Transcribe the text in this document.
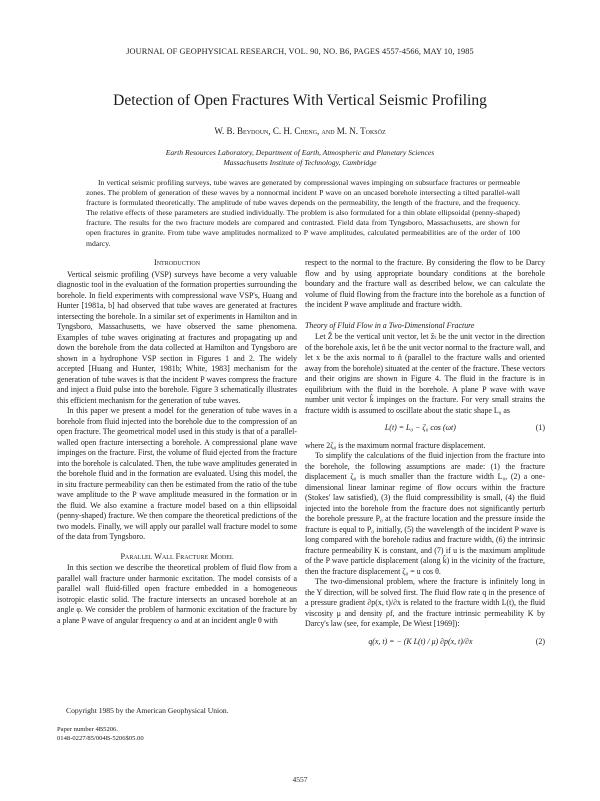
JOURNAL OF GEOPHYSICAL RESEARCH, VOL. 90, NO. B6, PAGES 4557-4566, MAY 10, 1985
Detection of Open Fractures With Vertical Seismic Profiling
W. B. Beydoun, C. H. Cheng, and M. N. Toksöz
Earth Resources Laboratory, Department of Earth, Atmospheric and Planetary Sciences
Massachusetts Institute of Technology, Cambridge
In vertical seismic profiling surveys, tube waves are generated by compressional waves impinging on subsurface fractures or permeable zones. The problem of generation of these waves by a nonnormal incident P wave on an uncased borehole intersecting a tilted parallel-wall fracture is formulated theoretically. The amplitude of tube waves depends on the permeability, the length of the fracture, and the frequency. The relative effects of these parameters are studied individually. The problem is also formulated for a thin oblate ellipsoidal (penny-shaped) fracture. The results for the two fracture models are compared and contrasted. Field data from Tyngsboro, Massachusetts, are shown for open fractures in granite. From tube wave amplitudes normalized to P wave amplitudes, calculated permeabilities are of the order of 100 mdarcy.
Introduction

Vertical seismic profiling (VSP) surveys have become a very valuable diagnostic tool in the evaluation of the formation properties surrounding the borehole. In field experiments with compressional wave VSP's, Huang and Hunter [1981a, b] had observed that tube waves are generated at fractures intersecting the borehole. In a similar set of experiments in Hamilton and in Tyngsboro, Massachusetts, we have observed the same phenomena. Examples of tube waves originating at fractures and propagating up and down the borehole from the data collected at Hamilton and Tyngsboro are shown in a hydrophone VSP section in Figures 1 and 2. The widely accepted [Huang and Hunter, 1981b; White, 1983] mechanism for the generation of tube waves is that the incident P waves compress the fracture and inject a fluid pulse into the borehole. Figure 3 schematically illustrates this efficient mechanism for the generation of tube waves.

In this paper we present a model for the generation of tube waves in a borehole from fluid injected into the borehole due to the compression of an open fracture. The geometrical model used in this study is that of a parallel-walled open fracture intersecting a borehole. A compressional plane wave impinges on the fracture. First, the volume of fluid ejected from the fracture into the borehole is calculated. Then, the tube wave amplitudes generated in the borehole fluid and in the formation are evaluated. Using this model, the in situ fracture permeability can then be estimated from the ratio of the tube wave amplitude to the P wave amplitude measured in the formation or in the fluid. We also examine a fracture model based on a thin ellipsoidal (penny-shaped) fracture. We then compare the theoretical predictions of the two models. Finally, we will apply our parallel wall fracture model to some of the data from Tyngsboro.

Parallel Wall Fracture Model

In this section we describe the theoretical problem of fluid flow from a parallel wall fracture under harmonic excitation. The model consists of a parallel wall fluid-filled open fracture embedded in a homogeneous isotropic elastic solid. The fracture intersects an uncased borehole at an angle φ. We consider the problem of harmonic excitation of the fracture by a plane P wave of angular frequency ω and at an incident angle θ with

respect to the normal to the fracture. By considering the flow to be Darcy flow and by using appropriate boundary conditions at the borehole boundary and the fracture wall as described below, we can calculate the volume of fluid flowing from the fracture into the borehole as a function of the incident P wave amplitude and fracture width.

Theory of Fluid Flow in a Two-Dimensional Fracture

Let Ẑ be the vertical unit vector, let ẑₜ be the unit vector in the direction of the borehole axis, let n̂ be the unit vector normal to the fracture wall, and let x be the axis normal to n̂ (parallel to the fracture walls and oriented away from the borehole) situated at the center of the fracture. These vectors and their origins are shown in Figure 4. The fluid in the fracture is in equilibrium with the fluid in the borehole. A plane P wave with wave number unit vector k̂ impinges on the fracture. For very small strains the fracture width is assumed to oscillate about the static shape L₀ as

L(t) = L₀ − ζ₀ cos (ωt)	(1)

where 2ζ₀ is the maximum normal fracture displacement.

To simplify the calculations of the fluid injection from the fracture into the borehole, the following assumptions are made: (1) the fracture displacement ζ₀ is much smaller than the fracture width L₀, (2) a one-dimensional linear laminar regime of flow occurs within the fracture (Stokes' law satisfied), (3) the fluid compressibility is small, (4) the fluid injected into the borehole from the fracture does not significantly perturb the borehole pressure P₀ at the fracture location and the pressure inside the fracture is equal to P₀ initially, (5) the wavelength of the incident P wave is long compared with the borehole radius and fracture width, (6) the intrinsic fracture permeability K is constant, and (7) if u is the maximum amplitude of the P wave particle displacement (along k̂) in the vicinity of the fracture, then the fracture displacement ζ₀ = u cos θ.

The two-dimensional problem, where the fracture is infinitely long in the Y direction, will be solved first. The fluid flow rate q in the presence of a pressure gradient ∂p(x, t)/∂x is related to the fracture width L(t), the fluid viscosity μ and density ρf, and the fracture intrinsic permeability K by Darcy's law (see, for example, De Wiest [1969]):

q(x, t) = − (K L(t) / μ) ∂p(x, t)/∂x	(2)
Copyright 1985 by the American Geophysical Union.
Paper number 4B5206.
0148-0227/85/004B-5206$05.00
4557
